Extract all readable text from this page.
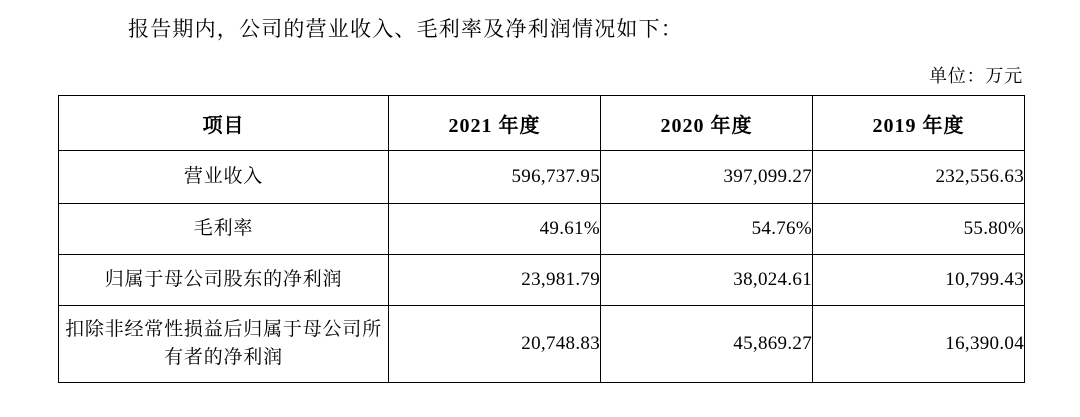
报告期内，公司的营业收入、毛利率及净利润情况如下：
单位：万元
项目	2021 年度	2020 年度	2019 年度
营业收入	596,737.95	397,099.27	232,556.63
毛利率	49.61%	54.76%	55.80%
归属于母公司股东的净利润	23,981.79	38,024.61	10,799.43
扣除非经常性损益后归属于母公司所有者的净利润	20,748.83	45,869.27	16,390.04
